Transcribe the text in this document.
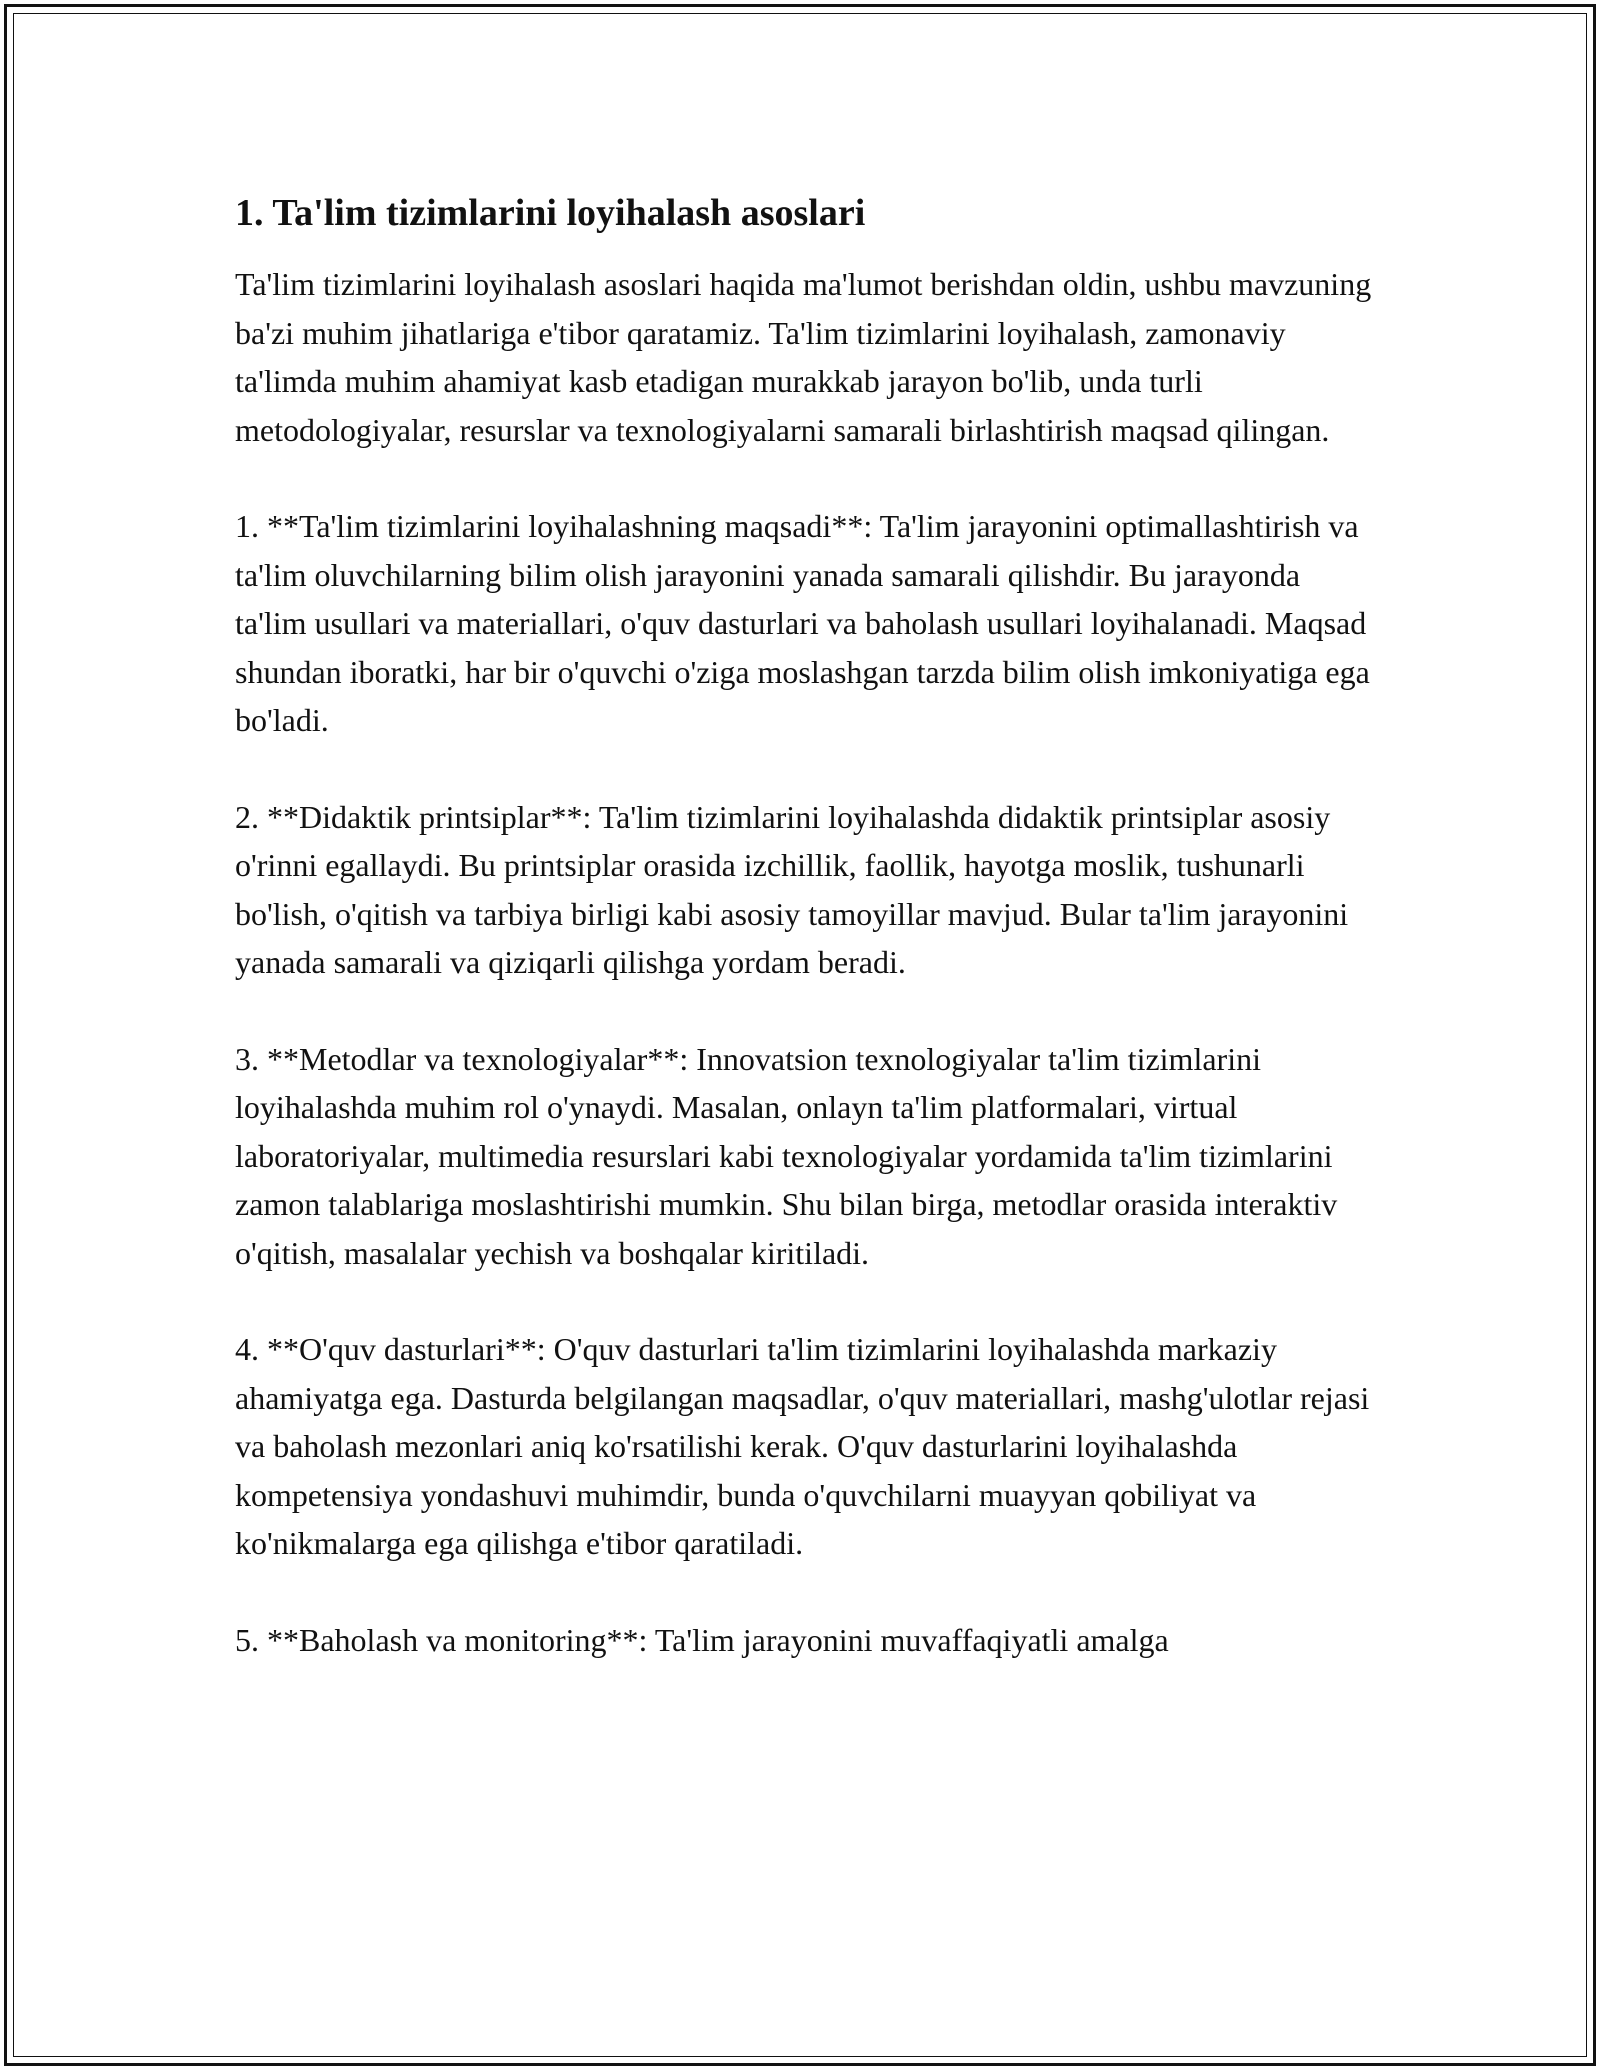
1. Ta'lim tizimlarini loyihalash asoslari

Ta'lim tizimlarini loyihalash asoslari haqida ma'lumot berishdan oldin, ushbu mavzuning ba'zi muhim jihatlariga e'tibor qaratamiz. Ta'lim tizimlarini loyihalash, zamonaviy ta'limda muhim ahamiyat kasb etadigan murakkab jarayon bo'lib, unda turli metodologiyalar, resurslar va texnologiyalarni samarali birlashtirish maqsad qilingan.

1. **Ta'lim tizimlarini loyihalashning maqsadi**: Ta'lim jarayonini optimallashtirish va ta'lim oluvchilarning bilim olish jarayonini yanada samarali qilishdir. Bu jarayonda ta'lim usullari va materiallari, o'quv dasturlari va baholash usullari loyihalanadi. Maqsad shundan iboratki, har bir o'quvchi o'ziga moslashgan tarzda bilim olish imkoniyatiga ega bo'ladi.

2. **Didaktik printsiplar**: Ta'lim tizimlarini loyihalashda didaktik printsiplar asosiy o'rinni egallaydi. Bu printsiplar orasida izchillik, faollik, hayotga moslik, tushunarli bo'lish, o'qitish va tarbiya birligi kabi asosiy tamoyillar mavjud. Bular ta'lim jarayonini yanada samarali va qiziqarli qilishga yordam beradi.

3. **Metodlar va texnologiyalar**: Innovatsion texnologiyalar ta'lim tizimlarini loyihalashda muhim rol o'ynaydi. Masalan, onlayn ta'lim platformalari, virtual laboratoriyalar, multimedia resurslari kabi texnologiyalar yordamida ta'lim tizimlarini zamon talablariga moslashtirishi mumkin. Shu bilan birga, metodlar orasida interaktiv o'qitish, masalalar yechish va boshqalar kiritiladi.

4. **O'quv dasturlari**: O'quv dasturlari ta'lim tizimlarini loyihalashda markaziy ahamiyatga ega. Dasturda belgilangan maqsadlar, o'quv materiallari, mashg'ulotlar rejasi va baholash mezonlari aniq ko'rsatilishi kerak. O'quv dasturlarini loyihalashda kompetensiya yondashuvi muhimdir, bunda o'quvchilarni muayyan qobiliyat va ko'nikmalarga ega qilishga e'tibor qaratiladi.

5. **Baholash va monitoring**: Ta'lim jarayonini muvaffaqiyatli amalga
